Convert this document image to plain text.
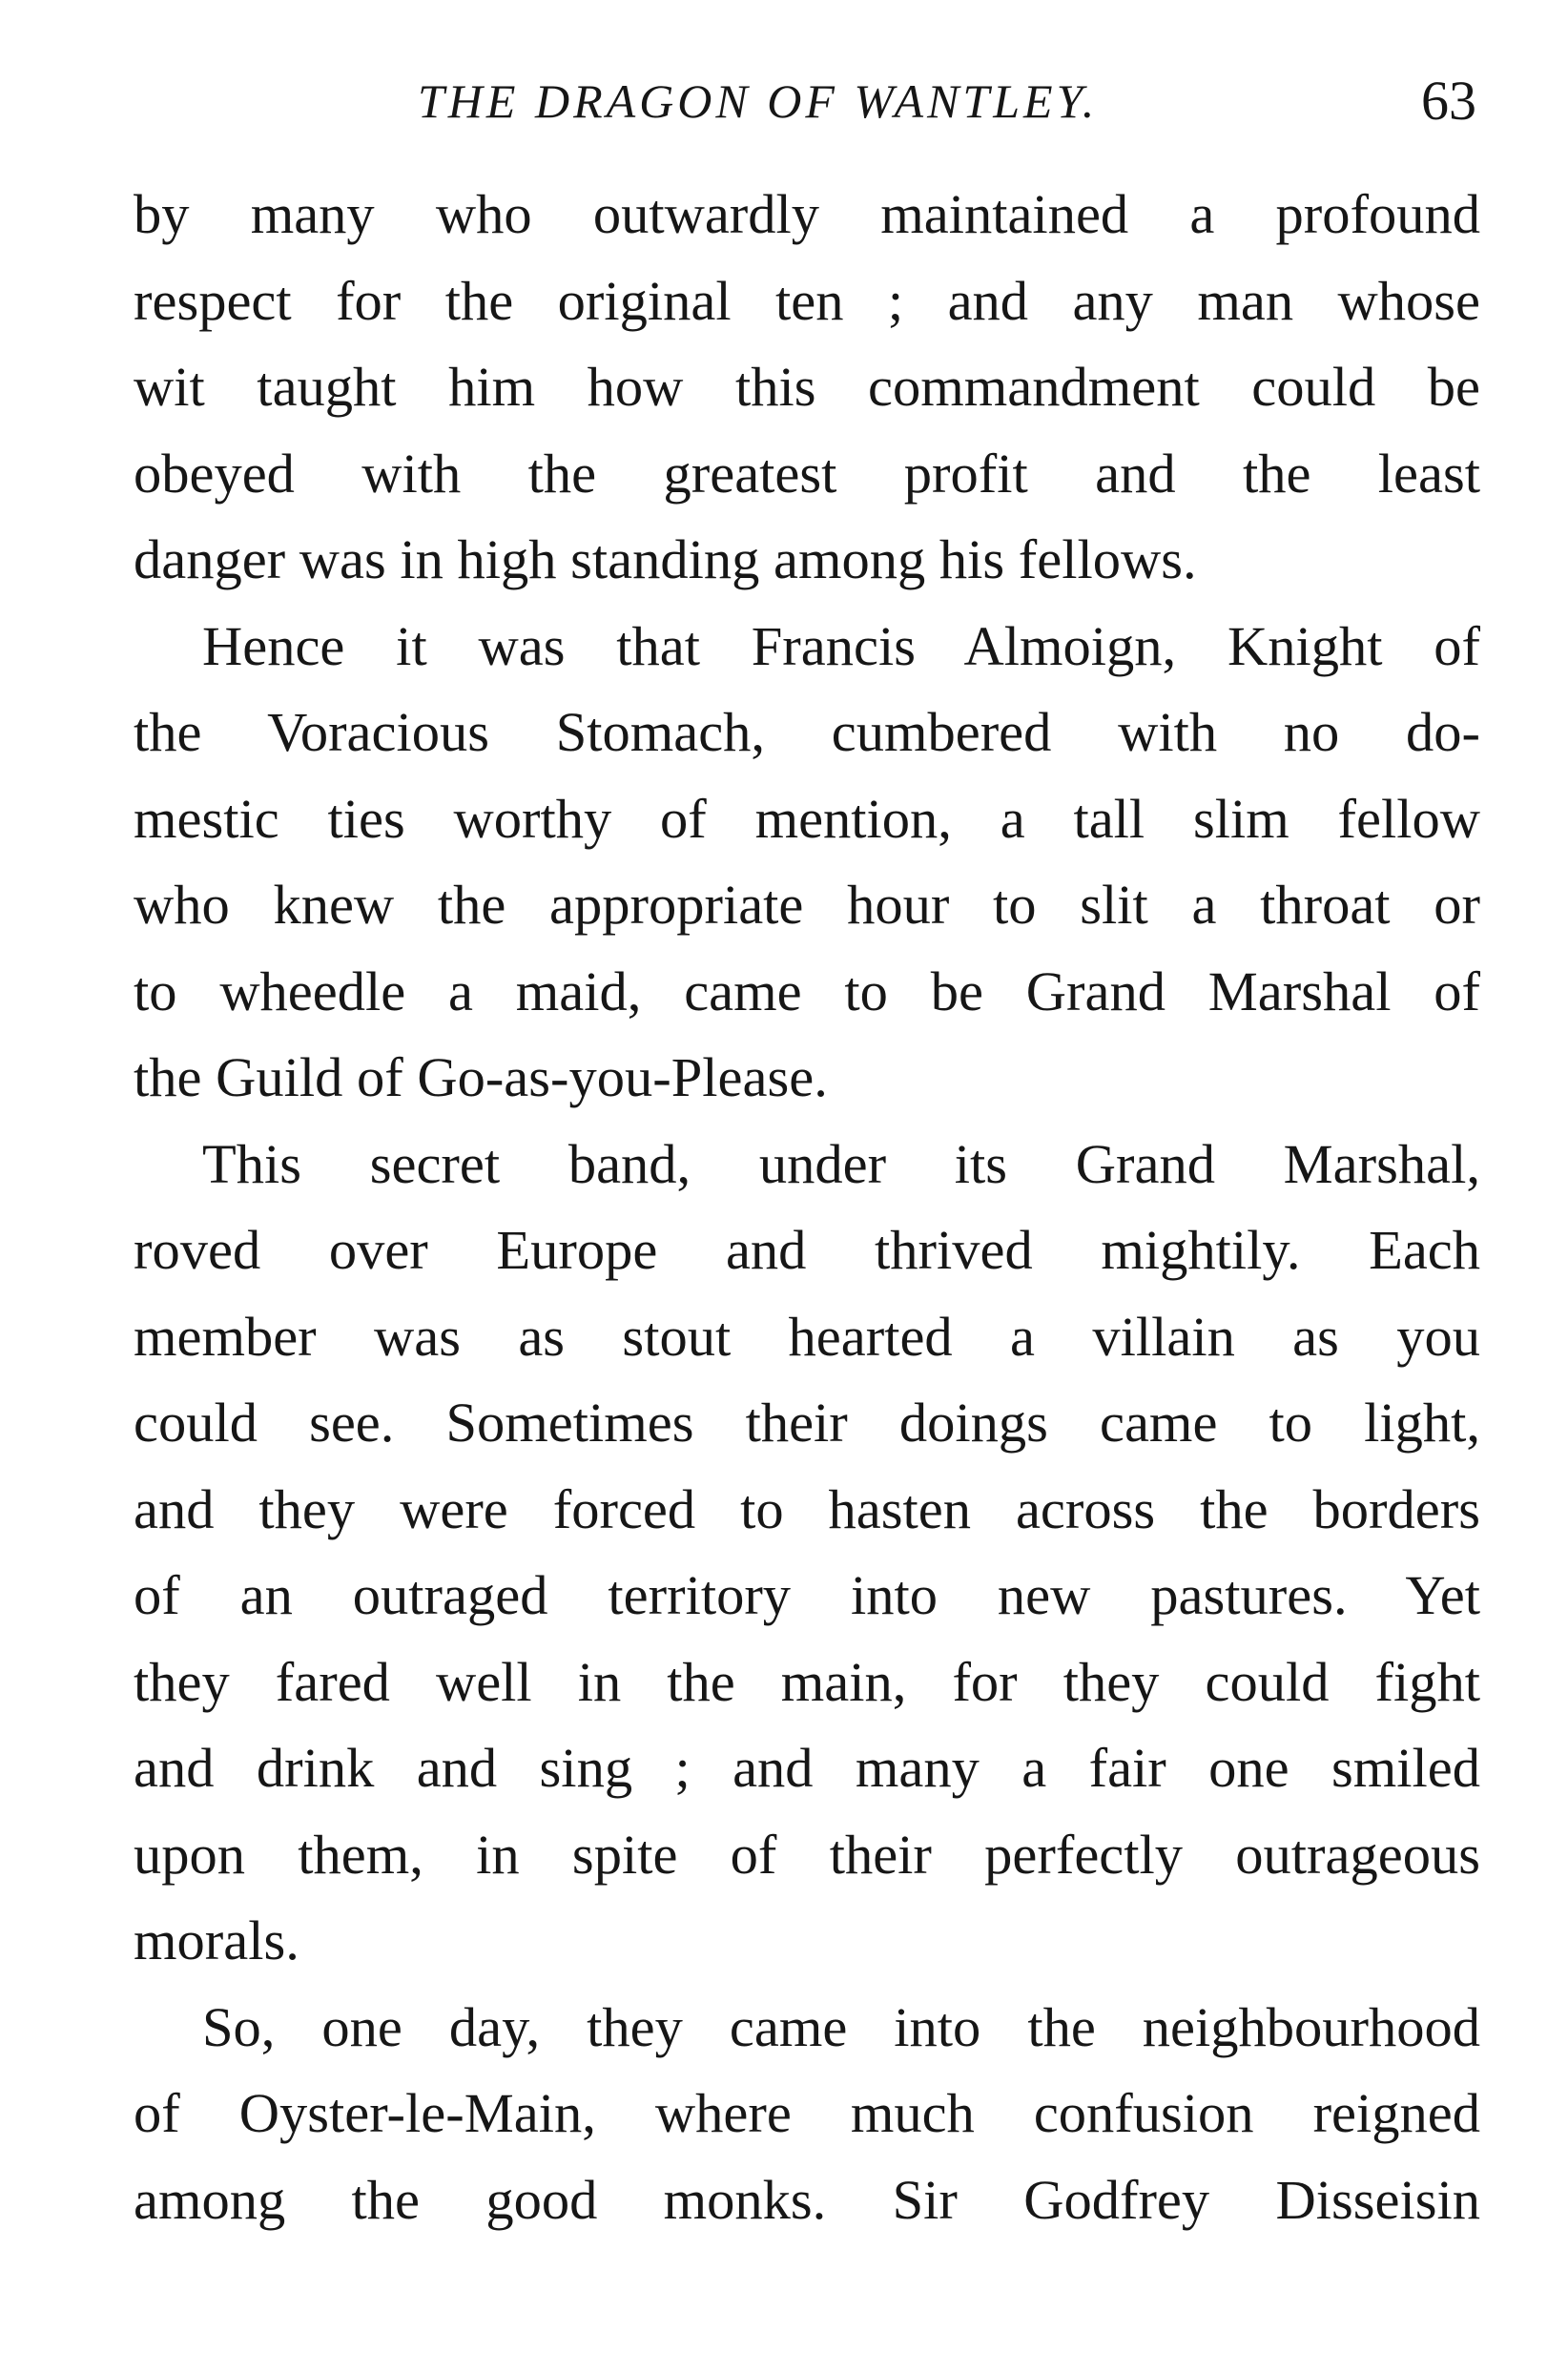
THE DRAGON OF WANTLEY.	63
by many who outwardly maintained a profound
respect for the original ten ; and any man whose
wit taught him how this commandment could be
obeyed with the greatest profit and the least
danger was in high standing among his fellows.
Hence it was that Francis Almoign, Knight of
the Voracious Stomach, cumbered with no do-
mestic ties worthy of mention, a tall slim fellow
who knew the appropriate hour to slit a throat or
to wheedle a maid, came to be Grand Marshal of
the Guild of Go-as-you-Please.
This secret band, under its Grand Marshal,
roved over Europe and thrived mightily. Each
member was as stout hearted a villain as you
could see. Sometimes their doings came to light,
and they were forced to hasten across the borders
of an outraged territory into new pastures. Yet
they fared well in the main, for they could fight
and drink and sing ; and many a fair one smiled
upon them, in spite of their perfectly outrageous
morals.
So, one day, they came into the neighbourhood
of Oyster-le-Main, where much confusion reigned
among the good monks. Sir Godfrey Disseisin
